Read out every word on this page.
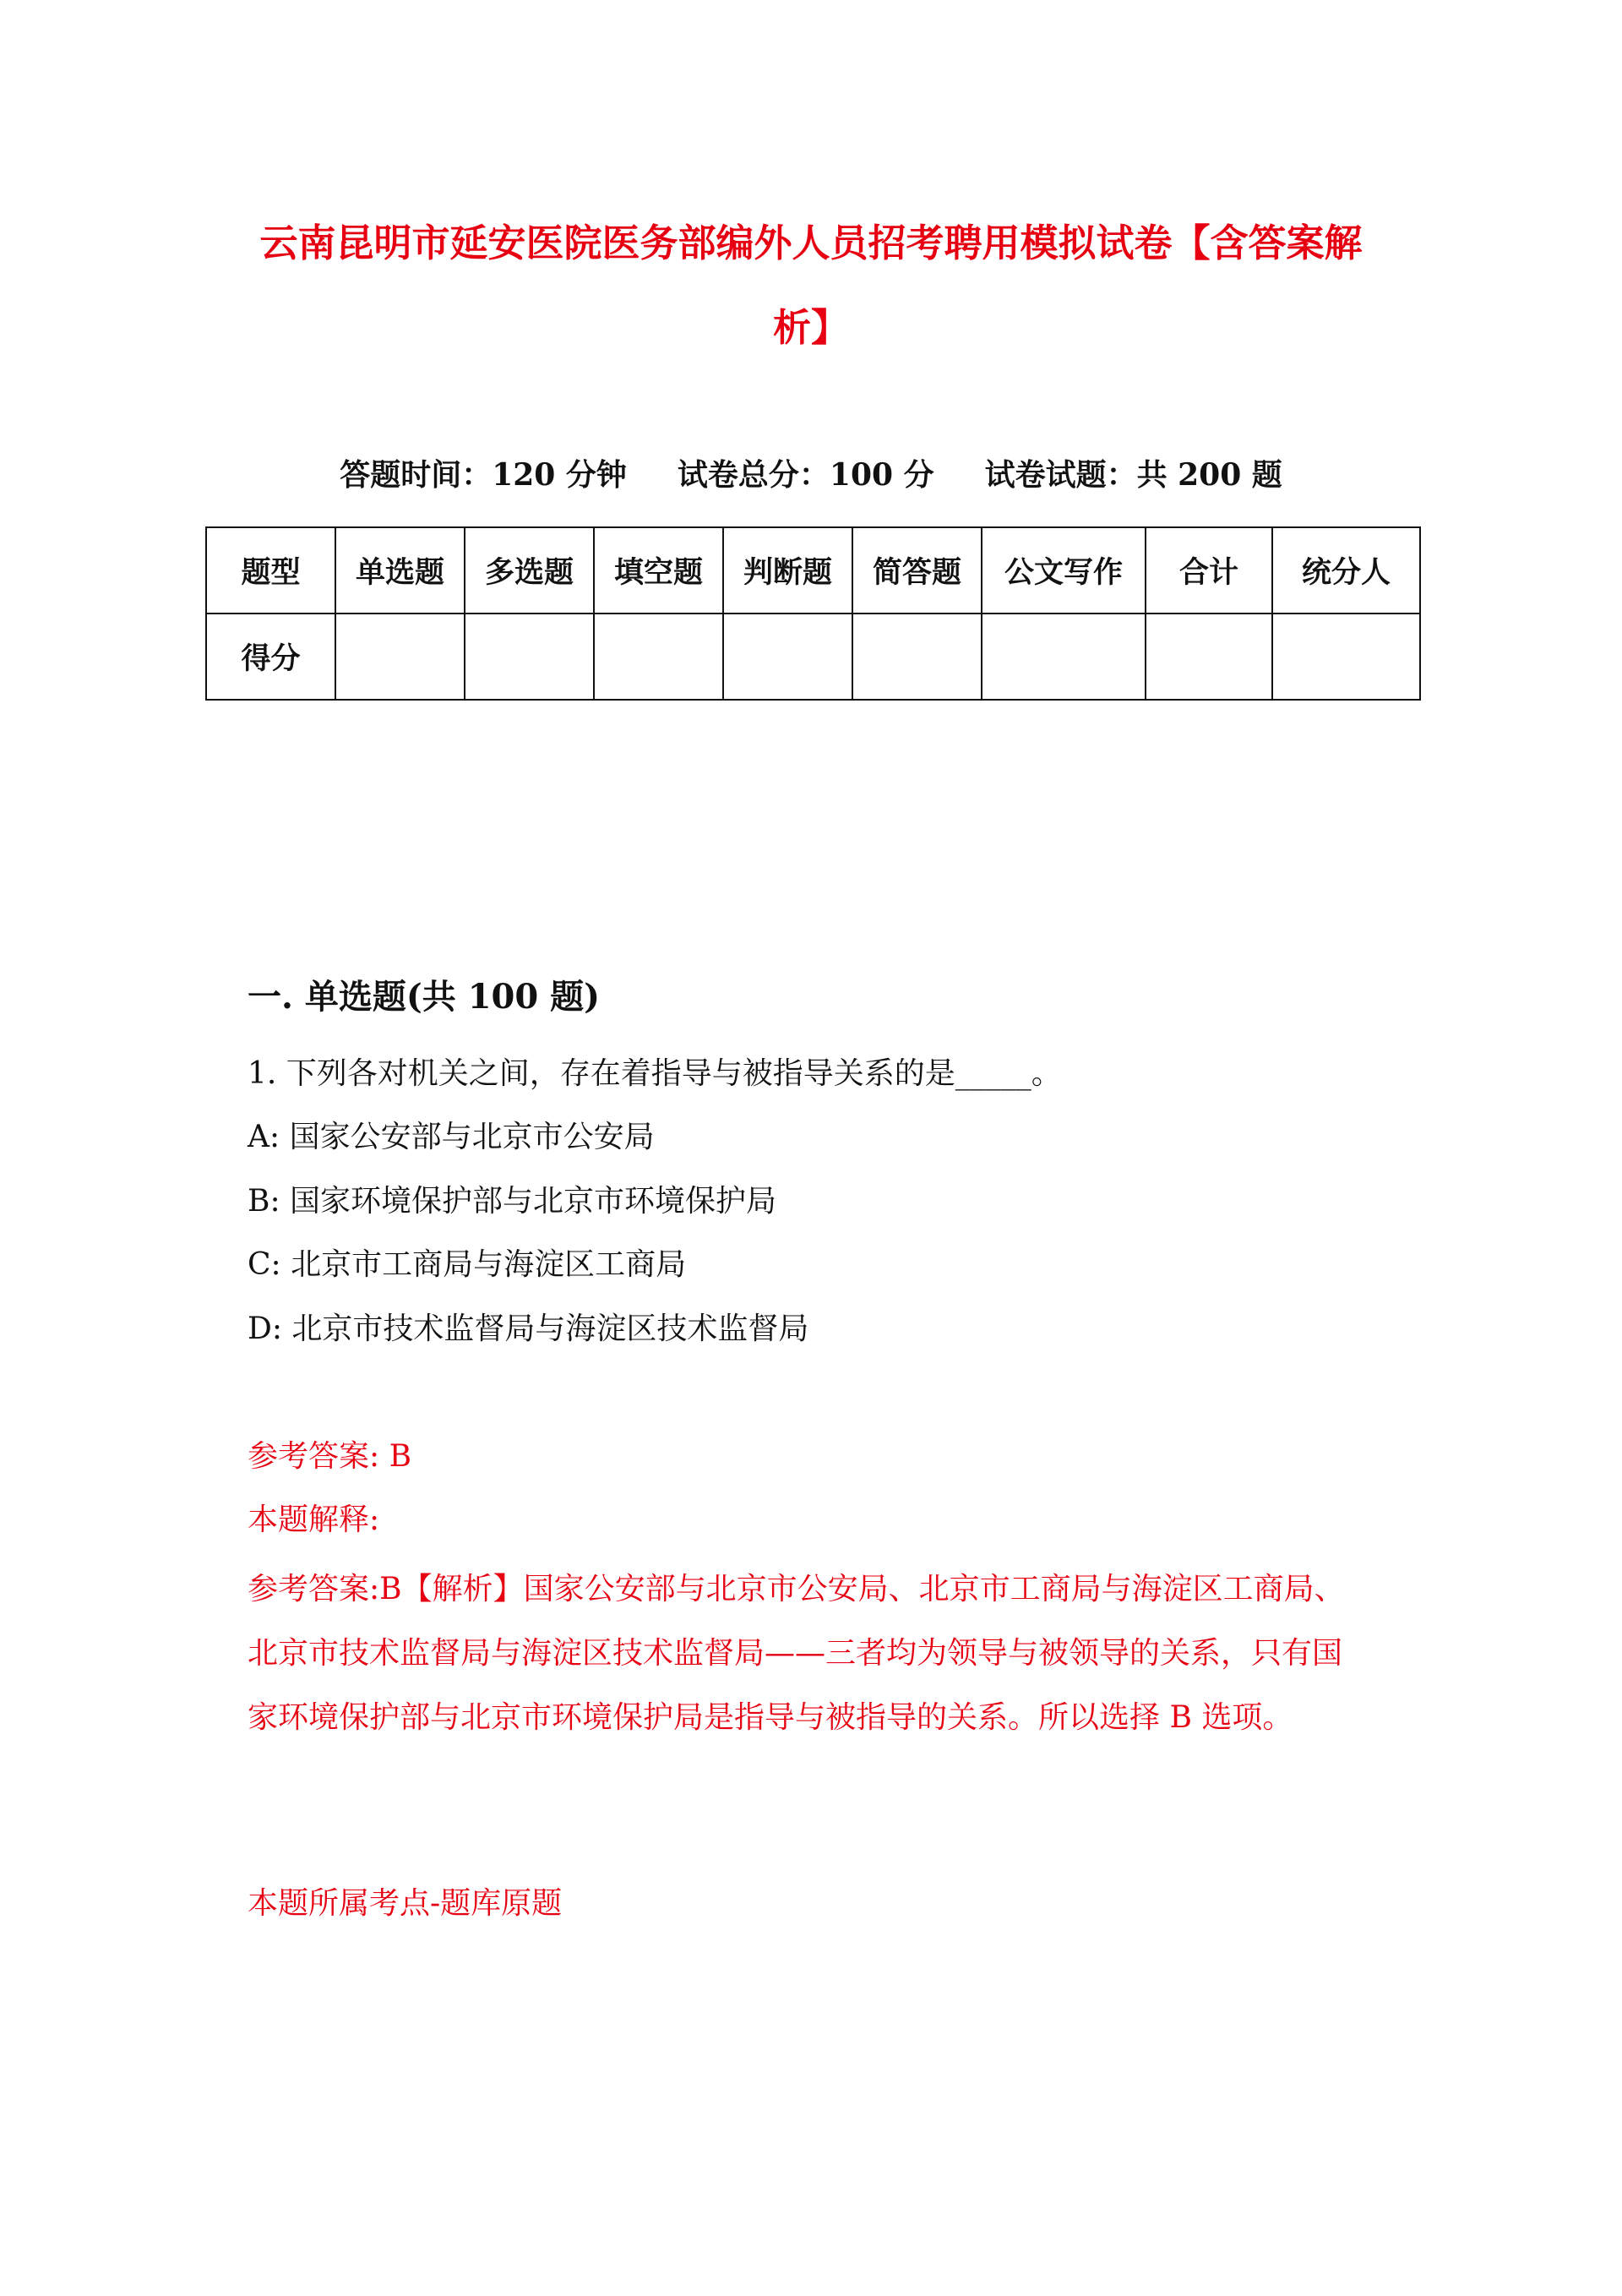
云南昆明市延安医院医务部编外人员招考聘用模拟试卷【含答案解析】
答题时间：120 分钟 试卷总分：100 分 试卷试题：共 200 题
题型	单选题	多选题	填空题	判断题	简答题	公文写作	合计	统分人
得分								
一. 单选题(共 100 题)
1. 下列各对机关之间，存在着指导与被指导关系的是_____。
A: 国家公安部与北京市公安局
B: 国家环境保护部与北京市环境保护局
C: 北京市工商局与海淀区工商局
D: 北京市技术监督局与海淀区技术监督局
参考答案: B
本题解释:
参考答案:B【解析】国家公安部与北京市公安局、北京市工商局与海淀区工商局、北京市技术监督局与海淀区技术监督局——三者均为领导与被领导的关系，只有国家环境保护部与北京市环境保护局是指导与被指导的关系。所以选择 B 选项。
本题所属考点-题库原题
